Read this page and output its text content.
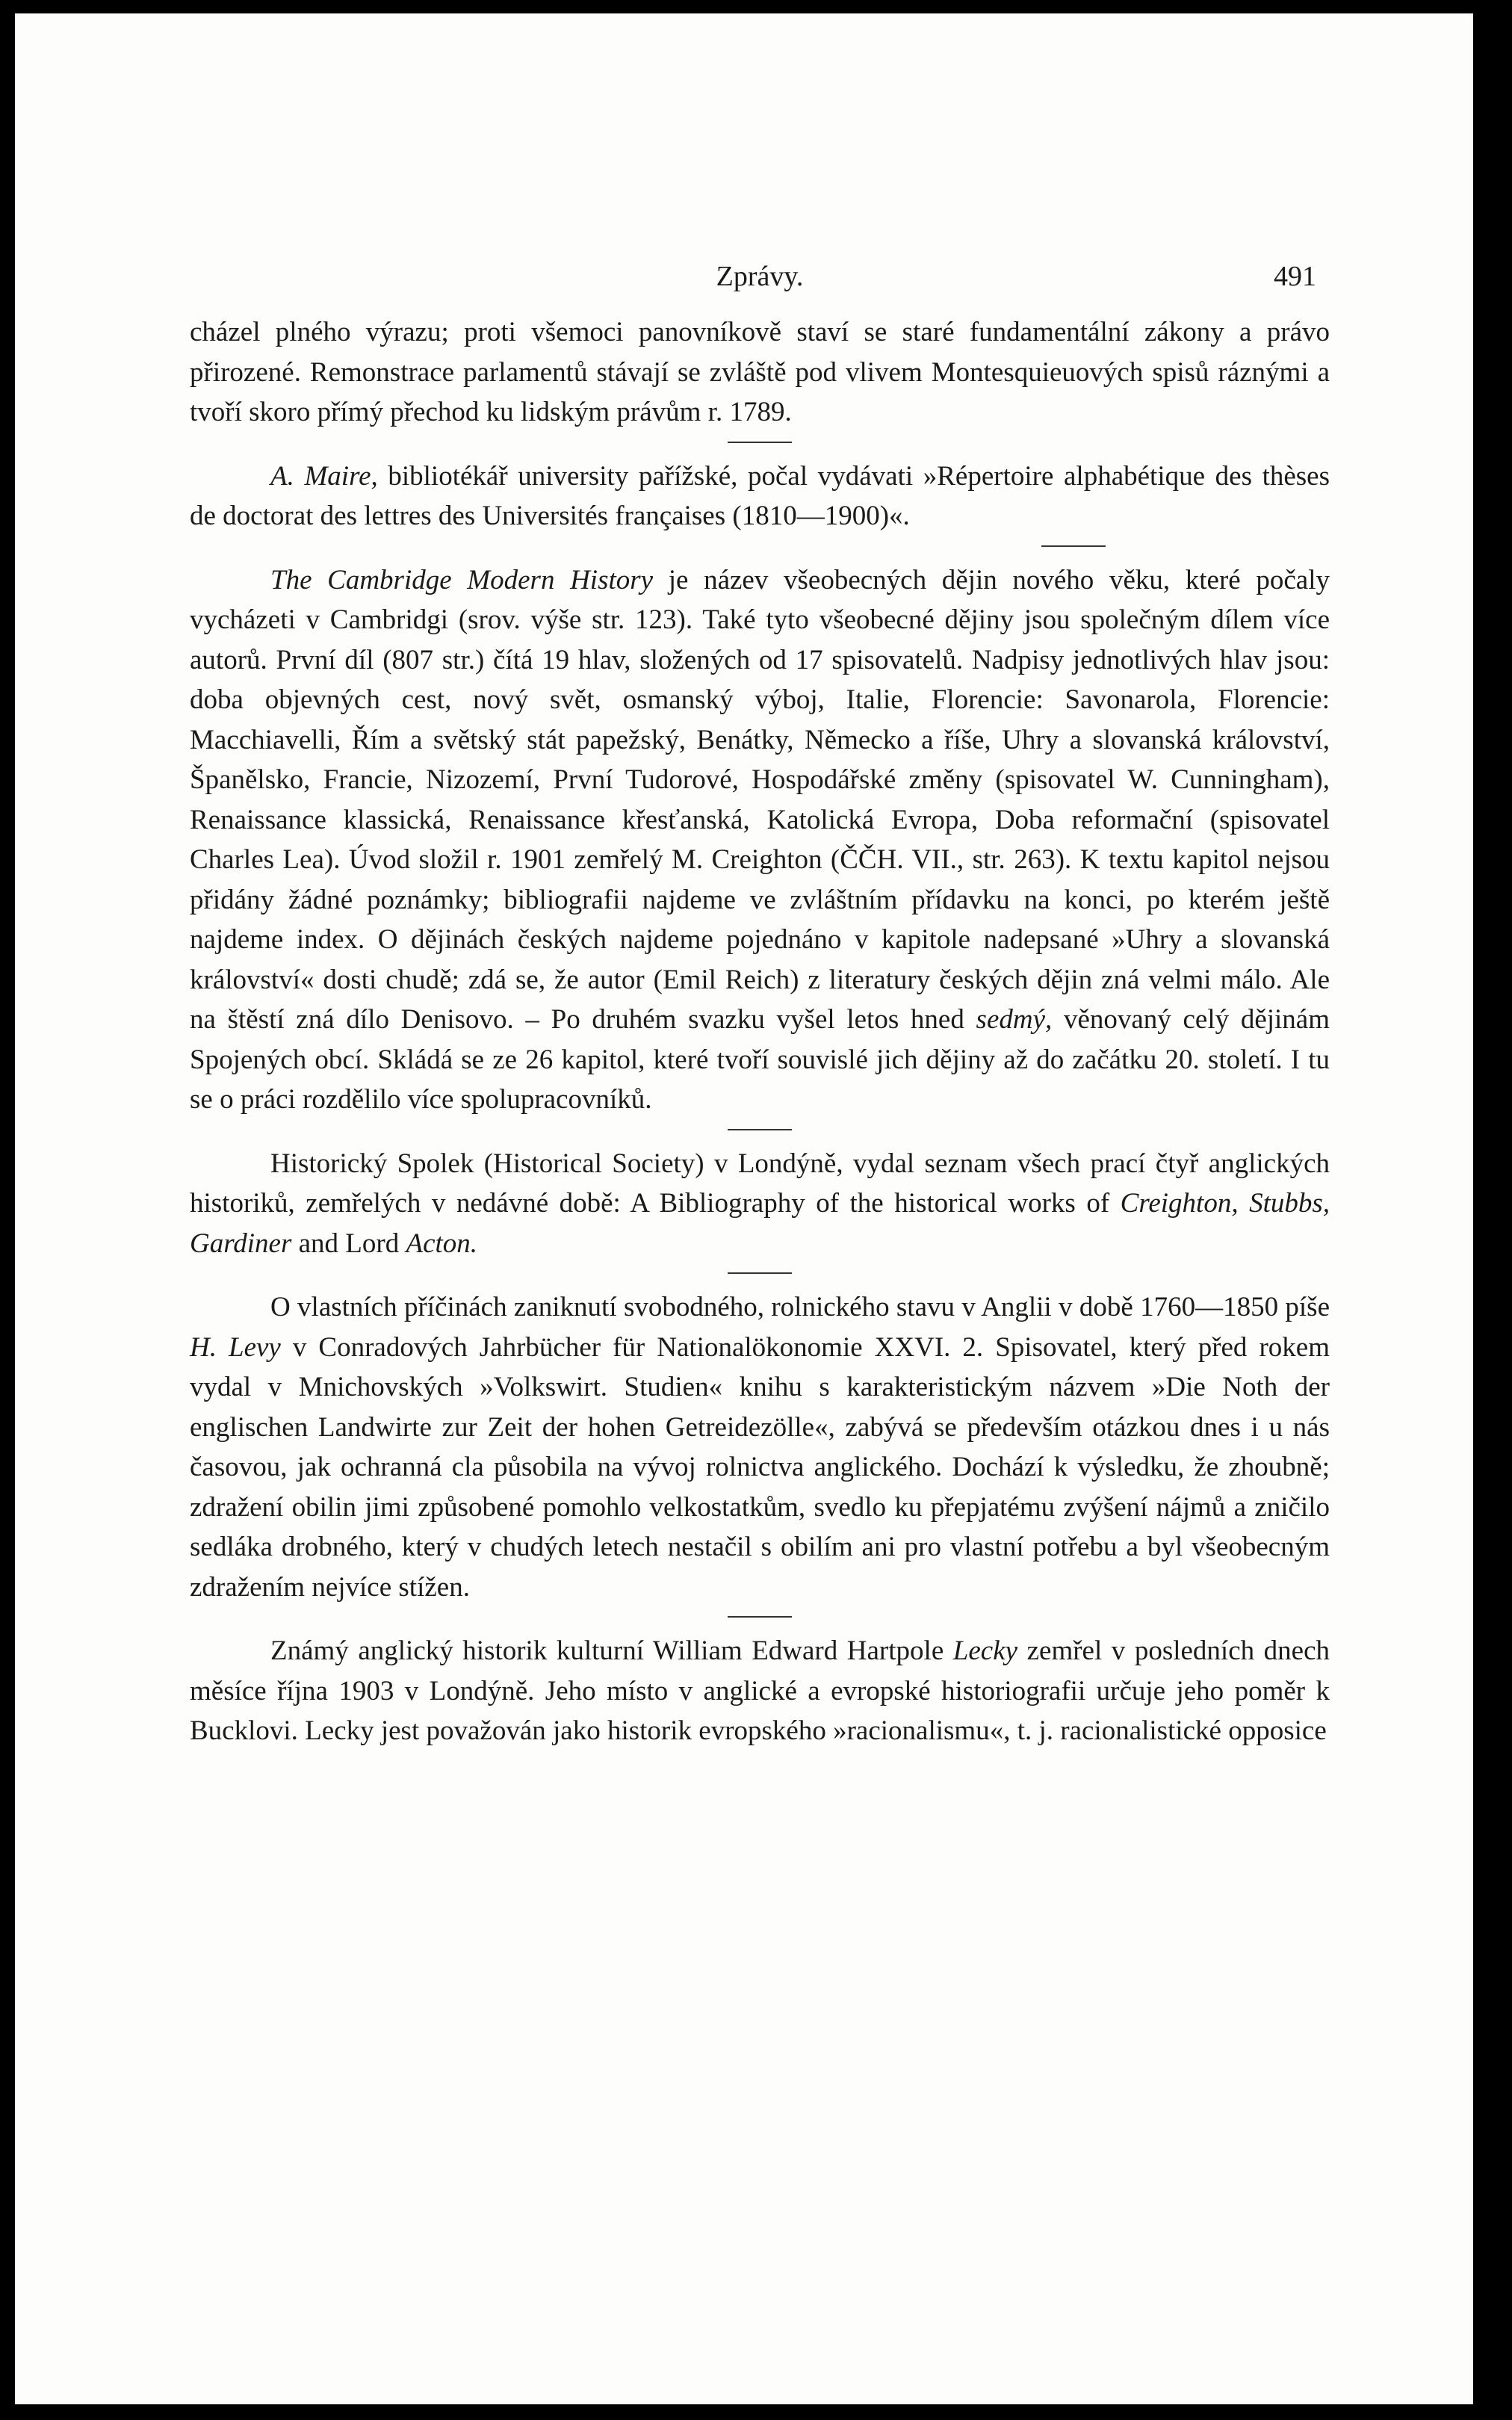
Zprávy.	491

cházel plného výrazu; proti všemoci panovníkově staví se staré fundamentální zákony a právo přirozené. Remonstrace parlamentů stávají se zvláště pod vlivem Montesquieuových spisů ráznými a tvoří skoro přímý přechod ku lidským právům r. 1789.

A. Maire, bibliotékář university pařížské, počal vydávati »Répertoire alphabétique des thèses de doctorat des lettres des Universités françaises (1810—1900)«.

The Cambridge Modern History je název všeobecných dějin nového věku, které počaly vycházeti v Cambridgi (srov. výše str. 123). Také tyto všeobecné dějiny jsou společným dílem více autorů. První díl (807 str.) čítá 19 hlav, složených od 17 spisovatelů. Nadpisy jednotlivých hlav jsou: doba objevných cest, nový svět, osmanský výboj, Italie, Florencie: Savonarola, Florencie: Macchiavelli, Řím a světský stát papežský, Benátky, Německo a říše, Uhry a slovanská království, Španělsko, Francie, Nizozemí, První Tudorové, Hospodářské změny (spisovatel W. Cunningham), Renaissance klassická, Renaissance křesťanská, Katolická Evropa, Doba reformační (spisovatel Charles Lea). Úvod složil r. 1901 zemřelý M. Creighton (ČČH. VII., str. 263). K textu kapitol nejsou přidány žádné poznámky; bibliografii najdeme ve zvláštním přídavku na konci, po kterém ještě najdeme index. O dějinách českých najdeme pojednáno v kapitole nadepsané »Uhry a slovanská království« dosti chudě; zdá se, že autor (Emil Reich) z literatury českých dějin zná velmi málo. Ale na štěstí zná dílo Denisovo. – Po druhém svazku vyšel letos hned sedmý, věnovaný celý dějinám Spojených obcí. Skládá se ze 26 kapitol, které tvoří souvislé jich dějiny až do začátku 20. století. I tu se o práci rozdělilo více spolupracovníků.

Historický Spolek (Historical Society) v Londýně, vydal seznam všech prací čtyř anglických historiků, zemřelých v nedávné době: A Bibliography of the historical works of Creighton, Stubbs, Gardiner and Lord Acton.

O vlastních příčinách zaniknutí svobodného, rolnického stavu v Anglii v době 1760—1850 píše H. Levy v Conradových Jahrbücher für Nationalökonomie XXVI. 2. Spisovatel, který před rokem vydal v Mnichovských »Volkswirt. Studien« knihu s karakteristickým názvem »Die Noth der englischen Landwirte zur Zeit der hohen Getreidezölle«, zabývá se především otázkou dnes i u nás časovou, jak ochranná cla působila na vývoj rolnictva anglického. Dochází k výsledku, že zhoubně; zdražení obilin jimi způsobené pomohlo velkostatkům, svedlo ku přepjatému zvýšení nájmů a zničilo sedláka drobného, který v chudých letech nestačil s obilím ani pro vlastní potřebu a byl všeobecným zdražením nejvíce stížen.

Známý anglický historik kulturní William Edward Hartpole Lecky zemřel v posledních dnech měsíce října 1903 v Londýně. Jeho místo v anglické a evropské historiografii určuje jeho poměr k Bucklovi. Lecky jest považován jako historik evropského »racionalismu«, t. j. racionalistické opposice
